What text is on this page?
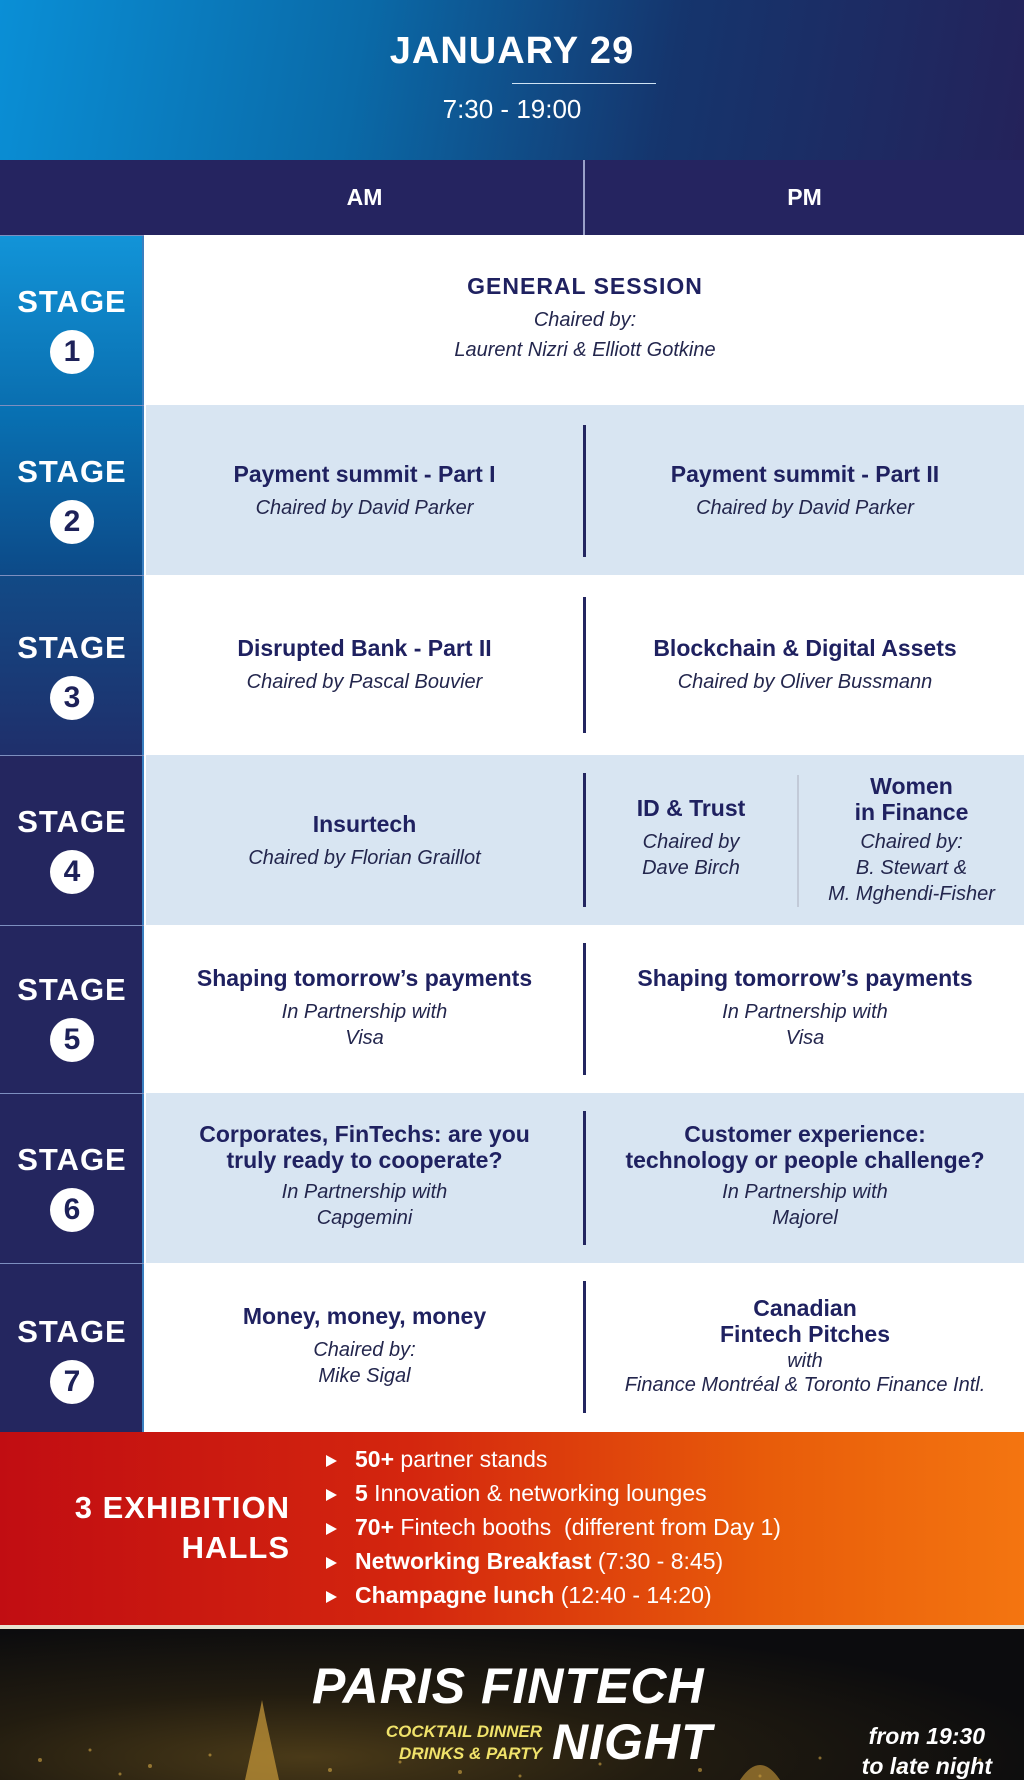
JANUARY 29
7:30 - 19:00
AM	PM
STAGE
1
GENERAL SESSION
Chaired by:
Laurent Nizri & Elliott Gotkine
STAGE
2
Payment summit - Part I
Chaired by David Parker
Payment summit - Part II
Chaired by David Parker
STAGE
3
Disrupted Bank - Part II
Chaired by Pascal Bouvier
Blockchain & Digital Assets
Chaired by Oliver Bussmann
STAGE
4
Insurtech
Chaired by Florian Graillot
ID & Trust
Chaired by
Dave Birch
Women
in Finance
Chaired by:
B. Stewart &
M. Mghendi-Fisher
STAGE
5
Shaping tomorrow’s payments
In Partnership with
Visa
Shaping tomorrow’s payments
In Partnership with
Visa
STAGE
6
Corporates, FinTechs: are you
truly ready to cooperate?
In Partnership with
Capgemini
Customer experience:
technology or people challenge?
In Partnership with
Majorel
STAGE
7
Money, money, money
Chaired by:
Mike Sigal
Canadian
Fintech Pitches
with
Finance Montréal & Toronto Finance Intl.
3 EXHIBITION
HALLS
50+ partner stands
5 Innovation & networking lounges
70+ Fintech booths  (different from Day 1)
Networking Breakfast (7:30 - 8:45)
Champagne lunch (12:40 - 14:20)
PARIS FINTECH
COCKTAIL DINNER
DRINKS & PARTY NIGHT	from 19:30
to late night
